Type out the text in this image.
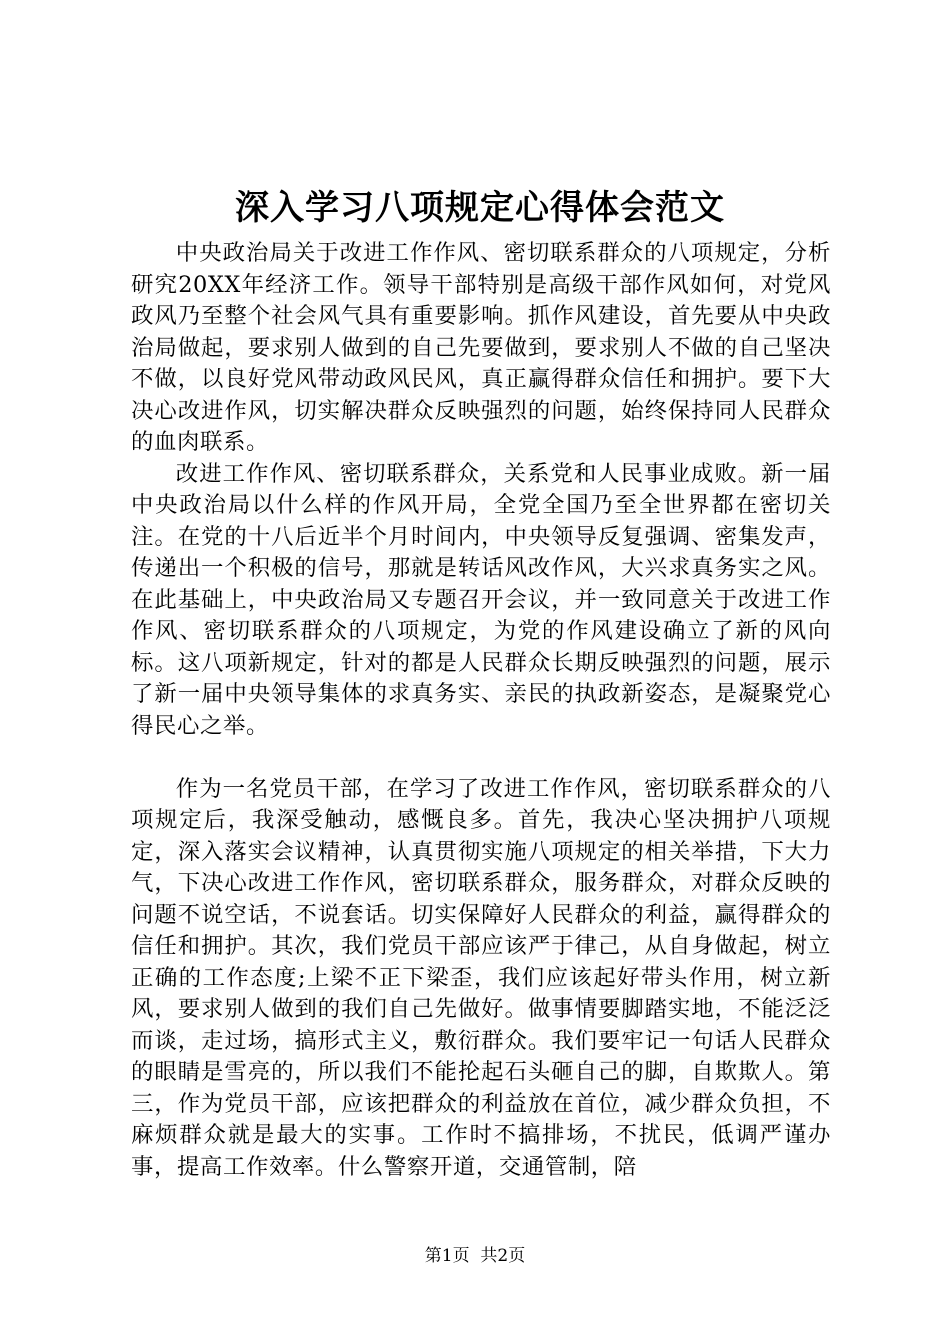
深入学习八项规定心得体会范文

中央政治局关于改进工作作风、密切联系群众的八项规定，分析研究20XX年经济工作。领导干部特别是高级干部作风如何，对党风政风乃至整个社会风气具有重要影响。抓作风建设，首先要从中央政治局做起，要求别人做到的自己先要做到，要求别人不做的自己坚决不做，以良好党风带动政风民风，真正赢得群众信任和拥护。要下大决心改进作风，切实解决群众反映强烈的问题，始终保持同人民群众的血肉联系。

改进工作作风、密切联系群众，关系党和人民事业成败。新一届中央政治局以什么样的作风开局，全党全国乃至全世界都在密切关注。在党的十八后近半个月时间内，中央领导反复强调、密集发声，传递出一个积极的信号，那就是转话风改作风，大兴求真务实之风。在此基础上，中央政治局又专题召开会议，并一致同意关于改进工作作风、密切联系群众的八项规定，为党的作风建设确立了新的风向标。这八项新规定，针对的都是人民群众长期反映强烈的问题，展示了新一届中央领导集体的求真务实、亲民的执政新姿态，是凝聚党心得民心之举。

作为一名党员干部，在学习了改进工作作风，密切联系群众的八项规定后，我深受触动，感慨良多。首先，我决心坚决拥护八项规定，深入落实会议精神，认真贯彻实施八项规定的相关举措，下大力气，下决心改进工作作风，密切联系群众，服务群众，对群众反映的问题不说空话，不说套话。切实保障好人民群众的利益，赢得群众的信任和拥护。其次，我们党员干部应该严于律己，从自身做起，树立正确的工作态度;上梁不正下梁歪，我们应该起好带头作用，树立新风，要求别人做到的我们自己先做好。做事情要脚踏实地，不能泛泛而谈，走过场，搞形式主义，敷衍群众。我们要牢记一句话人民群众的眼睛是雪亮的，所以我们不能抡起石头砸自己的脚，自欺欺人。第三，作为党员干部，应该把群众的利益放在首位，减少群众负担，不麻烦群众就是最大的实事。工作时不搞排场，不扰民，低调严谨办事，提高工作效率。什么警察开道，交通管制，陪

第1页  共2页
